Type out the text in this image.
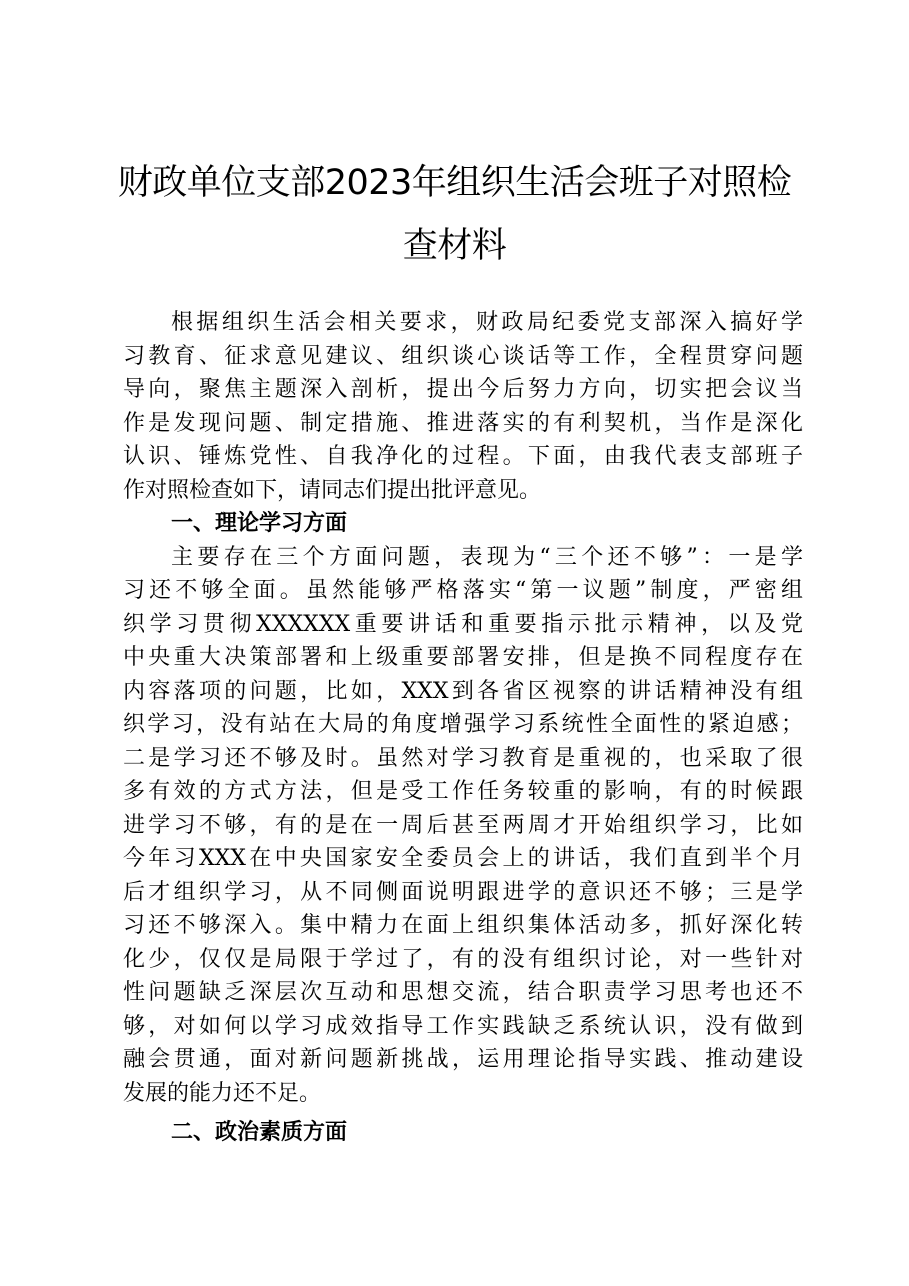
财政单位支部2023年组织生活会班子对照检
查材料
根据组织生活会相关要求，财政局纪委党支部深入搞好学
习教育、征求意见建议、组织谈心谈话等工作，全程贯穿问题
导向，聚焦主题深入剖析，提出今后努力方向，切实把会议当
作是发现问题、制定措施、推进落实的有利契机，当作是深化
认识、锤炼党性、自我净化的过程。下面，由我代表支部班子
作对照检查如下，请同志们提出批评意见。
一、理论学习方面
主要存在三个方面问题，表现为“三个还不够”：一是学
习还不够全面。虽然能够严格落实“第一议题”制度，严密组
织学习贯彻XXXXXX重要讲话和重要指示批示精神，以及党
中央重大决策部署和上级重要部署安排，但是换不同程度存在
内容落项的问题，比如，XXX到各省区视察的讲话精神没有组
织学习，没有站在大局的角度增强学习系统性全面性的紧迫感；
二是学习还不够及时。虽然对学习教育是重视的，也采取了很
多有效的方式方法，但是受工作任务较重的影响，有的时候跟
进学习不够，有的是在一周后甚至两周才开始组织学习，比如
今年习XXX在中央国家安全委员会上的讲话，我们直到半个月
后才组织学习，从不同侧面说明跟进学的意识还不够；三是学
习还不够深入。集中精力在面上组织集体活动多，抓好深化转
化少，仅仅是局限于学过了，有的没有组织讨论，对一些针对
性问题缺乏深层次互动和思想交流，结合职责学习思考也还不
够，对如何以学习成效指导工作实践缺乏系统认识，没有做到
融会贯通，面对新问题新挑战，运用理论指导实践、推动建设
发展的能力还不足。
二、政治素质方面
